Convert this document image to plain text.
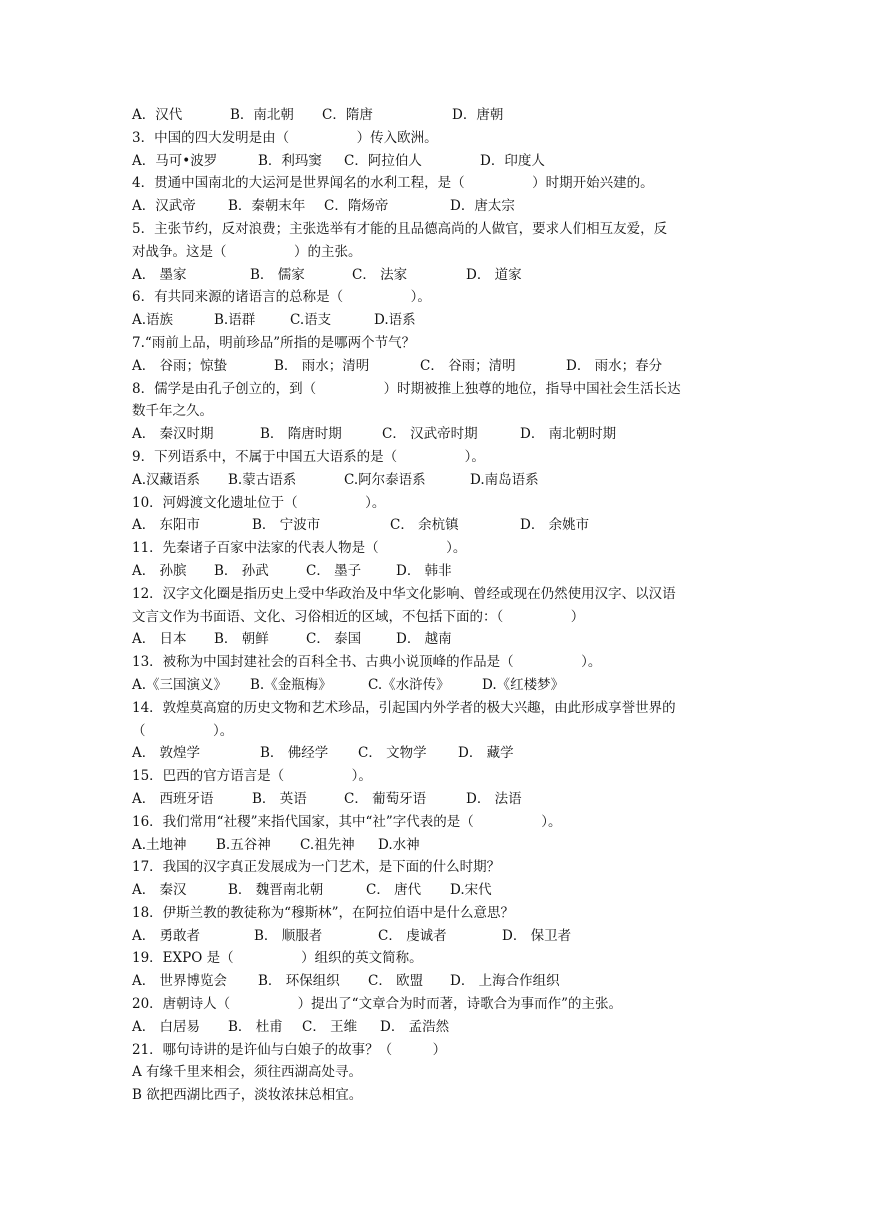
A．汉代	B．南北朝 C．隋唐	D．唐朝
3．中国的四大发明是由（　　　　　）传入欧洲。
A．马可•波罗	B．利玛窦 C．阿拉伯人	D．印度人
4．贯通中国南北的大运河是世界闻名的水利工程，是（　　　　　）时期开始兴建的。
A．汉武帝 B．秦朝末年 C．隋炀帝	D．唐太宗
5．主张节约，反对浪费；主张选举有才能的且品德高尚的人做官，要求人们相互友爱，反
对战争。这是（　　　　　）的主张。
A． 墨家	B． 儒家	C． 法家	D． 道家
6．有共同来源的诸语言的总称是（　　　　　）。
A.语族	B.语群	C.语支	D.语系
7.“雨前上品，明前珍品”所指的是哪两个节气？
A． 谷雨；惊蛰	B． 雨水；清明	C． 谷雨；清明	D． 雨水；春分
8．儒学是由孔子创立的，到（　　　　　）时期被推上独尊的地位，指导中国社会生活长达
数千年之久。
A． 秦汉时期	B． 隋唐时期	C． 汉武帝时期	D． 南北朝时期
9．下列语系中，不属于中国五大语系的是（　　　　　）。
A.汉藏语系 B.蒙古语系	C.阿尔泰语系	D.南岛语系
10．河姆渡文化遗址位于（　　　　　）。
A． 东阳市	B． 宁波市	C． 余杭镇	D． 余姚市
11．先秦诸子百家中法家的代表人物是（　　　　　）。
A． 孙膑 B． 孙武	C． 墨子	D． 韩非
12．汉字文化圈是指历史上受中华政治及中华文化影响、曾经或现在仍然使用汉字、以汉语
文言文作为书面语、文化、习俗相近的区域，不包括下面的：（　　　　　）
A． 日本 B． 朝鲜	C． 泰国	D． 越南
13．被称为中国封建社会的百科全书、古典小说顶峰的作品是（　　　　　）。
A.《三国演义》 B.《金瓶梅》	C.《水浒传》 D.《红楼梦》
14．敦煌莫高窟的历史文物和艺术珍品，引起国内外学者的极大兴趣，由此形成享誉世界的
（　　　　　）。
A． 敦煌学	B． 佛经学 C． 文物学 D． 藏学
15．巴西的官方语言是（　　　　　）。
A． 西班牙语	B． 英语	C． 葡萄牙语	D． 法语
16．我们常用“社稷”来指代国家，其中“社”字代表的是（　　　　　）。
A.土地神 B.五谷神 C.祖先神 D.水神
17．我国的汉字真正发展成为一门艺术，是下面的什么时期？
A． 秦汉	B． 魏晋南北朝	C． 唐代 D.宋代
18．伊斯兰教的教徒称为“穆斯林”，在阿拉伯语中是什么意思？
A． 勇敢者	B． 顺服者	C． 虔诚者	D． 保卫者
19．EXPO 是（　　　　　）组织的英文简称。
A． 世界博览会 B． 环保组织 C． 欧盟 D． 上海合作组织
20．唐朝诗人（　　　　　）提出了“文章合为时而著，诗歌合为事而作”的主张。
A． 白居易 B． 杜甫 C． 王维 D． 孟浩然
21．哪句诗讲的是许仙与白娘子的故事？（　　　）
A 有缘千里来相会，须往西湖高处寻。
B 欲把西湖比西子，淡妆浓抹总相宜。
